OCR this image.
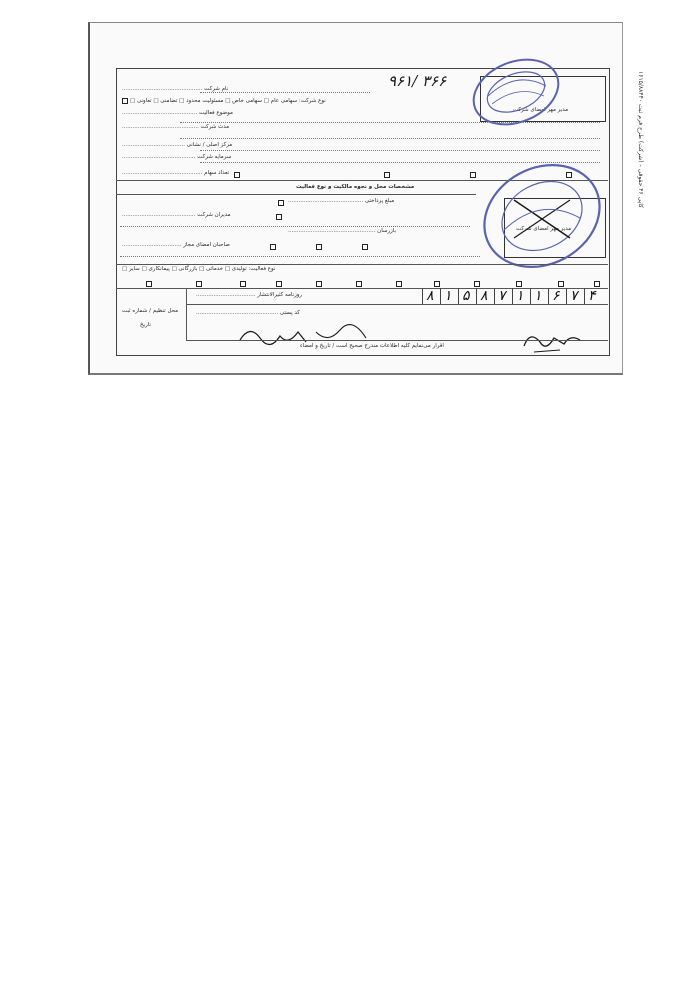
۱۶۱۵/۸۸۴۴۰ کاپی ۴۶ حقوقی - (شرکت) طرح فرم ثبت
۹۶۱/ ۳۶۶
مدیر مهر امضای شرکت
نام شرکت ..............................................
نوع شرکت: سهامی عام □ سهامی خاص □ مسئولیت محدود □ تضامنی □ تعاونی □
موضوع فعالیت ...........................................
مدت شرکت ............................................
مرکز اصلی / نشانی ....................................
سرمایه شرکت ..........................................
تعداد سهام ..............................................
مشخصات محل و نحوه مالکیت و نوع فعالیت
مبلغ پرداختی ...........................................
مدیران شرکت ..........................................
بازرسان ..................................................
صاحبان امضای مجاز ..................................
مدیر مهر امضای شرکت
نوع فعالیت: تولیدی □ خدماتی □ بازرگانی □ پیمانکاری □ سایر □
۸ ۱ ۵ ۸ ۷ ۱ ۱ ۶ ۷ ۴
روزنامه کثیرالانتشار ..................................
کد پستی ...............................................
محل تنظیم / شماره ثبت
تاریخ
اقرار می‌نمایم کلیه اطلاعات مندرج صحیح است / تاریخ و امضاء
